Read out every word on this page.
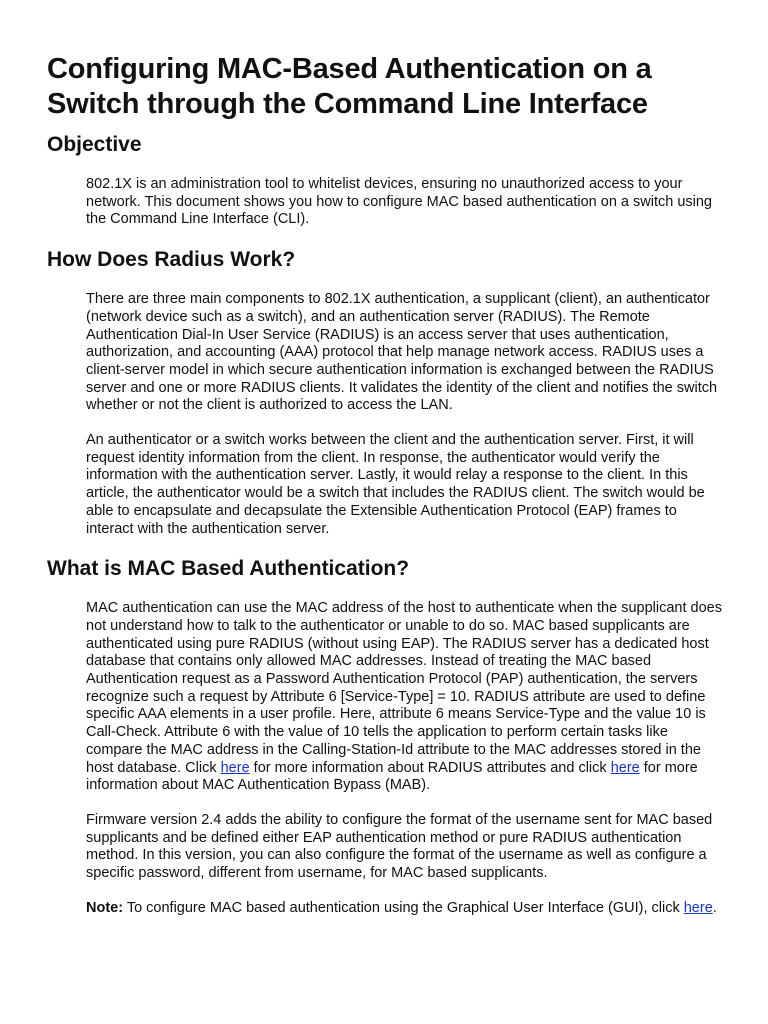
Configuring MAC-Based Authentication on a Switch through the Command Line Interface
Objective

802.1X is an administration tool to whitelist devices, ensuring no unauthorized access to your network. This document shows you how to configure MAC based authentication on a switch using the Command Line Interface (CLI).

How Does Radius Work?

There are three main components to 802.1X authentication, a supplicant (client), an authenticator (network device such as a switch), and an authentication server (RADIUS). The Remote Authentication Dial-In User Service (RADIUS) is an access server that uses authentication, authorization, and accounting (AAA) protocol that help manage network access. RADIUS uses a client-server model in which secure authentication information is exchanged between the RADIUS server and one or more RADIUS clients. It validates the identity of the client and notifies the switch whether or not the client is authorized to access the LAN.

An authenticator or a switch works between the client and the authentication server. First, it will request identity information from the client. In response, the authenticator would verify the information with the authentication server. Lastly, it would relay a response to the client. In this article, the authenticator would be a switch that includes the RADIUS client. The switch would be able to encapsulate and decapsulate the Extensible Authentication Protocol (EAP) frames to interact with the authentication server.

What is MAC Based Authentication?

MAC authentication can use the MAC address of the host to authenticate when the supplicant does not understand how to talk to the authenticator or unable to do so. MAC based supplicants are authenticated using pure RADIUS (without using EAP). The RADIUS server has a dedicated host database that contains only allowed MAC addresses. Instead of treating the MAC based Authentication request as a Password Authentication Protocol (PAP) authentication, the servers recognize such a request by Attribute 6 [Service-Type] = 10. RADIUS attribute are used to define specific AAA elements in a user profile. Here, attribute 6 means Service-Type and the value 10 is Call-Check. Attribute 6 with the value of 10 tells the application to perform certain tasks like compare the MAC address in the Calling-Station-Id attribute to the MAC addresses stored in the host database. Click here for more information about RADIUS attributes and click here for more information about MAC Authentication Bypass (MAB).

Firmware version 2.4 adds the ability to configure the format of the username sent for MAC based supplicants and be defined either EAP authentication method or pure RADIUS authentication method. In this version, you can also configure the format of the username as well as configure a specific password, different from username, for MAC based supplicants.

Note: To configure MAC based authentication using the Graphical User Interface (GUI), click here.
